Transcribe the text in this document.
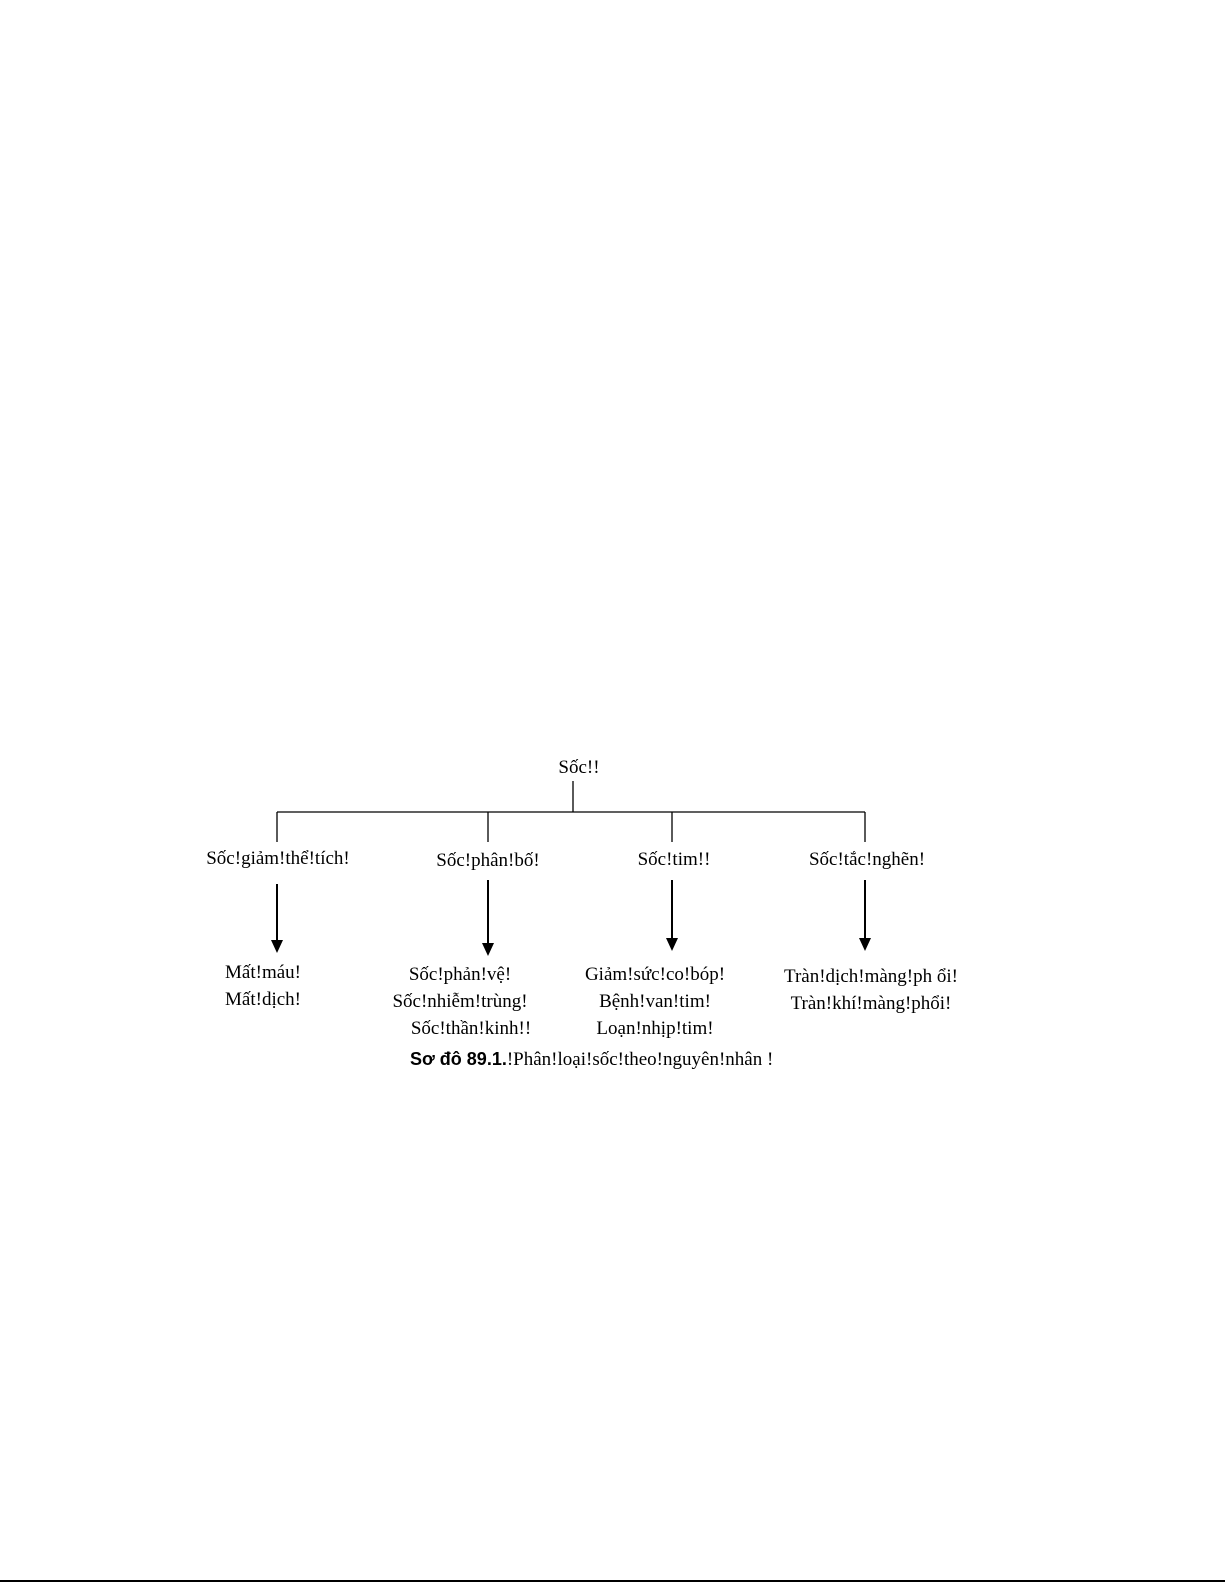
Sốc!!
Sốc!giảm!thể!tích!	Sốc!phân!bố!	Sốc!tim!!	Sốc!tắc!nghẽn!
Mất!máu!
Mất!dịch!
Sốc!phản!vệ!
Sốc!nhiễm!trùng!
Sốc!thần!kinh!!
Giảm!sức!co!bóp!
Bệnh!van!tim!
Loạn!nhịp!tim!
Tràn!dịch!màng!ph ổi!
Tràn!khí!màng!phổi!
Sơ đô 89.1.!Phân!loại!sốc!theo!nguyên!nhân !
